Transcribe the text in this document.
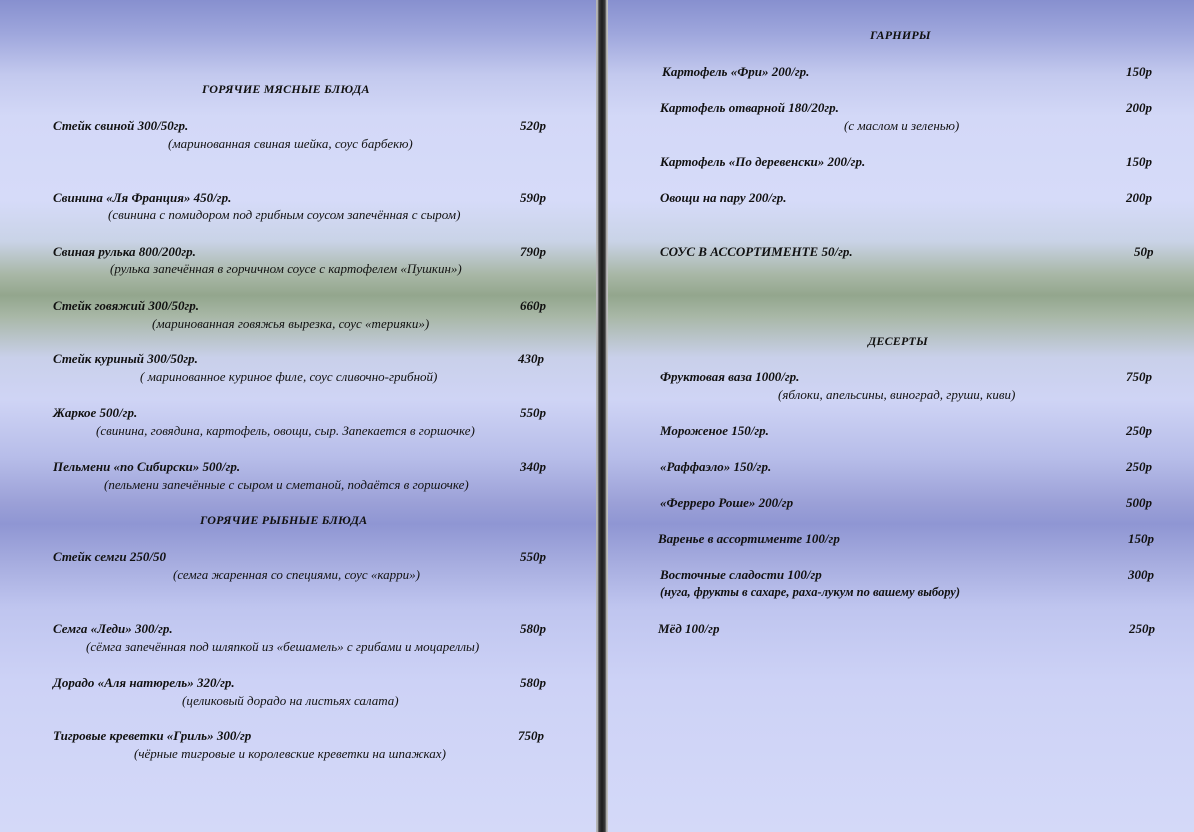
ГОРЯЧИЕ МЯСНЫЕ БЛЮДА
Стейк свиной 300/50гр.	520р
(маринованная свиная шейка, соус барбекю)
Свинина «Ля Франция» 450/гр.	590р
(свинина с помидором под грибным соусом запечённая с сыром)
Свиная рулька 800/200гр.	790р
(рулька запечённая в горчичном соусе с картофелем «Пушкин»)
Стейк говяжий 300/50гр.	660р
(маринованная говяжья вырезка, соус «терияки»)
Стейк куриный 300/50гр.	430р
( маринованное куриное филе, соус сливочно-грибной)
Жаркое 500/гр.	550р
(свинина, говядина, картофель, овощи, сыр. Запекается в горшочке)
Пельмени «по Сибирски» 500/гр.	340р
(пельмени запечённые с сыром и сметаной, подаётся в горшочке)
ГОРЯЧИЕ РЫБНЫЕ БЛЮДА
Стейк семги 250/50	550р
(семга жаренная со специями, соус «карри»)
Семга «Леди» 300/гр.	580р
(сёмга запечённая под шляпкой из «бешамель» с грибами и моцареллы)
Дорадо «Аля натюрель» 320/гр.	580р
(целиковый дорадо на листьях салата)
Тигровые креветки «Гриль» 300/гр	750р
(чёрные тигровые и королевские креветки на шпажках)
ГАРНИРЫ
Картофель «Фри» 200/гр.	150р
Картофель отварной 180/20гр.	200р
(с маслом и зеленью)
Картофель «По деревенски» 200/гр.	150р
Овощи на пару 200/гр.	200р
СОУС В АССОРТИМЕНТЕ 50/гр.	50р
ДЕСЕРТЫ
Фруктовая ваза 1000/гр.	750р
(яблоки, апельсины, виноград, груши, киви)
Мороженое 150/гр.	250р
«Раффаэло» 150/гр.	250р
«Ферреро Роше» 200/гр	500р
Варенье в ассортименте 100/гр	150р
Восточные сладости 100/гр	300р
(нуга, фрукты в сахаре, раха-лукум по вашему выбору)
Мёд 100/гр	250р
